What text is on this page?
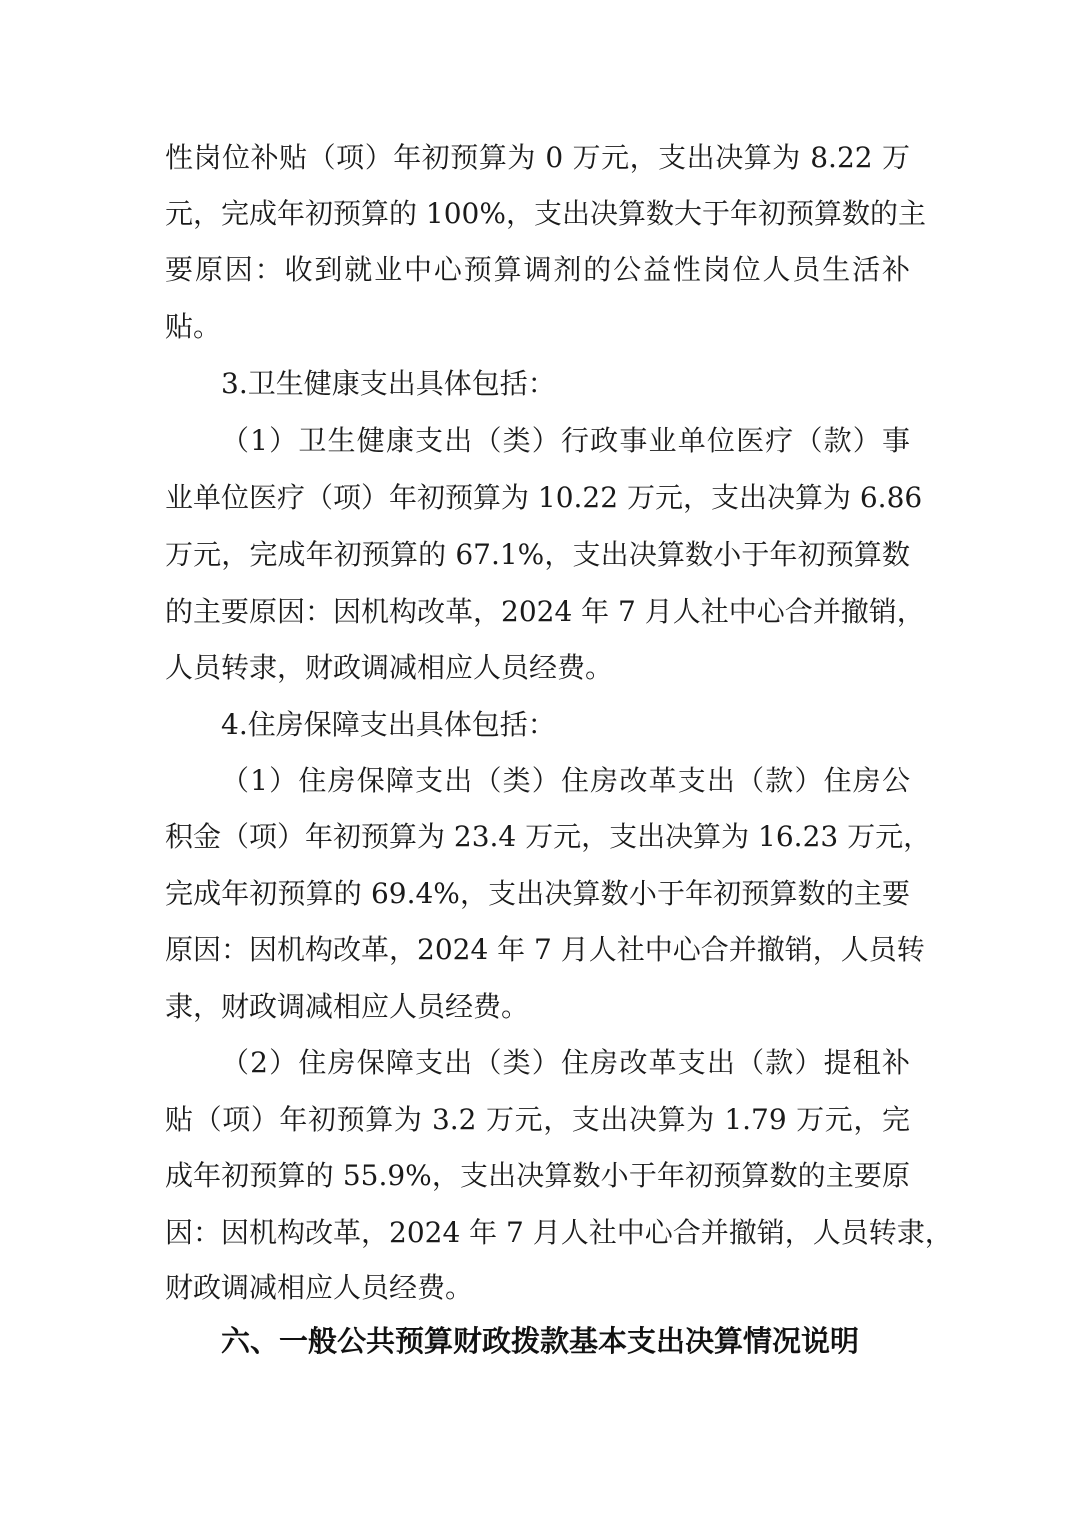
性岗位补贴（项）年初预算为 0 万元，支出决算为 8.22 万
元，完成年初预算的 100%，支出决算数大于年初预算数的主
要原因：收到就业中心预算调剂的公益性岗位人员生活补
贴。
3.卫生健康支出具体包括：
（1）卫生健康支出（类）行政事业单位医疗（款）事
业单位医疗（项）年初预算为 10.22 万元，支出决算为 6.86
万元，完成年初预算的 67.1%，支出决算数小于年初预算数
的主要原因：因机构改革，2024 年 7 月人社中心合并撤销，
人员转隶，财政调减相应人员经费。
4.住房保障支出具体包括：
（1）住房保障支出（类）住房改革支出（款）住房公
积金（项）年初预算为 23.4 万元，支出决算为 16.23 万元，
完成年初预算的 69.4%，支出决算数小于年初预算数的主要
原因：因机构改革，2024 年 7 月人社中心合并撤销，人员转
隶，财政调减相应人员经费。
（2）住房保障支出（类）住房改革支出（款）提租补
贴（项）年初预算为 3.2 万元，支出决算为 1.79 万元，完
成年初预算的 55.9%，支出决算数小于年初预算数的主要原
因：因机构改革，2024 年 7 月人社中心合并撤销，人员转隶，
财政调减相应人员经费。
六、一般公共预算财政拨款基本支出决算情况说明
